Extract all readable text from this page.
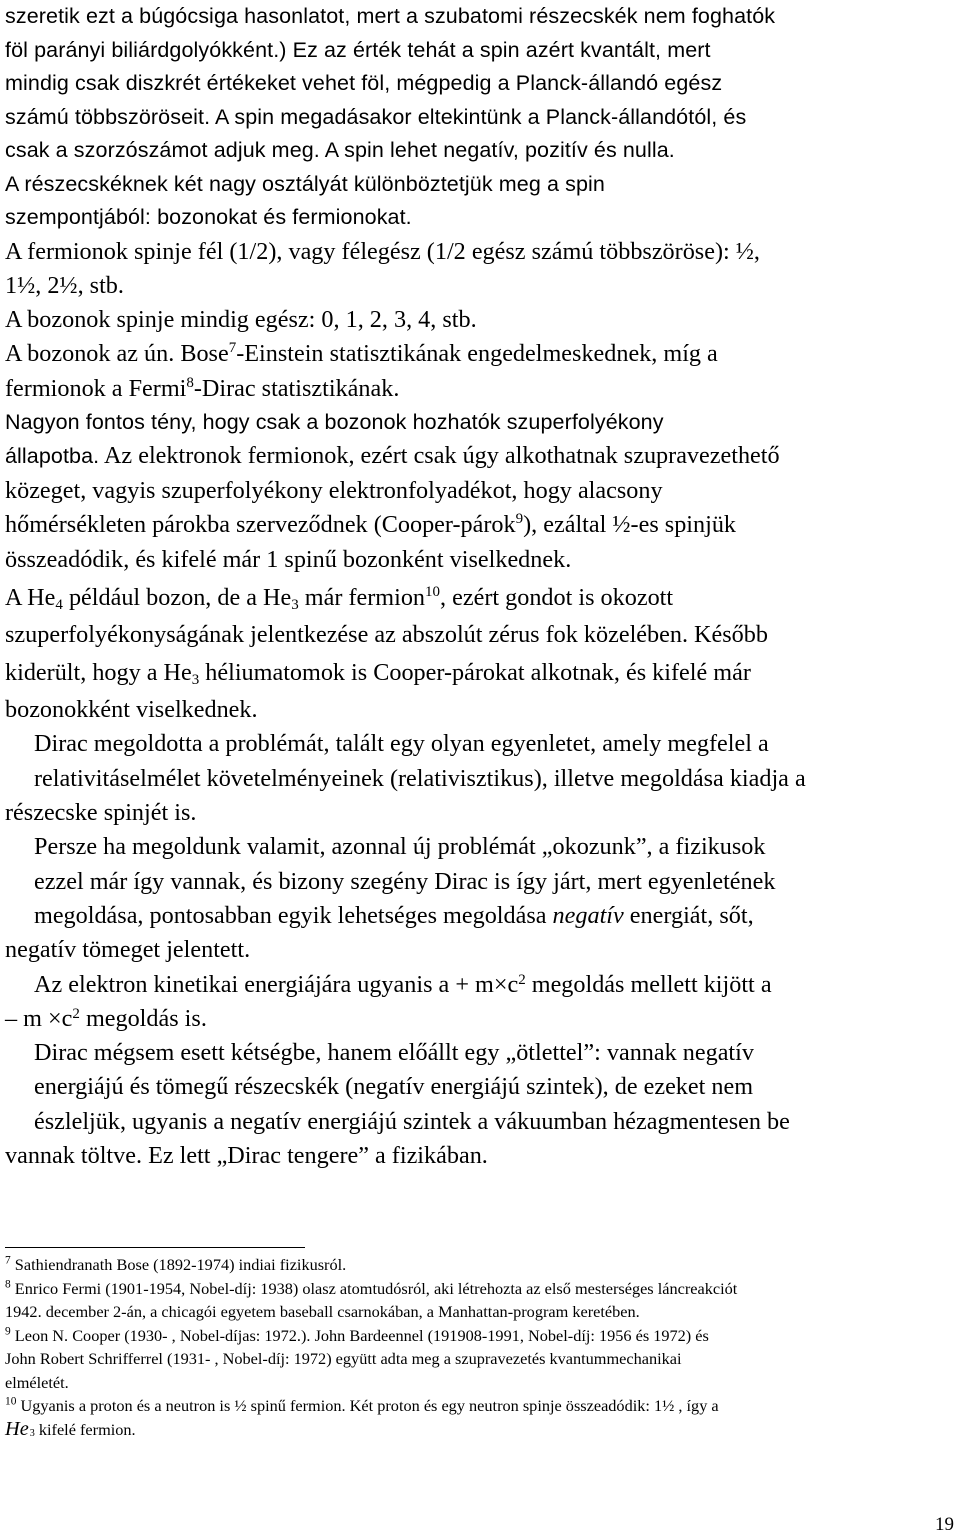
szeretik ezt a búgócsiga hasonlatot, mert a szubatomi részecskék nem foghatók
föl parányi biliárdgolyókként.) Ez az érték tehát a spin azért kvantált, mert
mindig csak diszkrét értékeket vehet föl, mégpedig a Planck-állandó egész
számú többszöröseit. A spin megadásakor eltekintünk a Planck-állandótól, és
csak a szorzószámot adjuk meg. A spin lehet negatív, pozitív és nulla.
A részecskéknek két nagy osztályát különböztetjük meg a spin
szempontjából: bozonokat és fermionokat.
A fermionok spinje fél (1/2), vagy félegész (1/2 egész számú többszöröse): ½,
1½, 2½, stb.
A bozonok spinje mindig egész: 0, 1, 2, 3, 4, stb.
A bozonok az ún. Bose$^7$-Einstein statisztikának engedelmeskednek, míg a
fermionok a Fermi$^8$-Dirac statisztikának.
Nagyon fontos tény, hogy csak a bozonok hozhatók szuperfolyékony
állapotba. Az elektronok fermionok, ezért csak úgy alkothatnak szupravezethető
közeget, vagyis szuperfolyékony elektronfolyadékot, hogy alacsony
hőmérsékleten párokba szerveződnek (Cooper-párok$^9$), ezáltal ½-es spinjük
összeadódik, és kifelé már 1 spinű bozonként viselkednek.
A $He_4$ például bozon, de a $He_3$ már fermion$^{10}$, ezért gondot is okozott
szuperfolyékonyságának jelentkezése az abszolút zérus fok közelében. Később
kiderült, hogy a $He_3$ héliumatomok is Cooper-párokat alkotnak, és kifelé már
bozonokként viselkednek.
Dirac megoldotta a problémát, talált egy olyan egyenletet, amely megfelel a
relativitáselmélet követelményeinek (relativisztikus), illetve megoldása kiadja a
részecske spinjét is.
Persze ha megoldunk valamit, azonnal új problémát „okozunk”, a fizikusok
ezzel már így vannak, és bizony szegény Dirac is így járt, mert egyenletének
megoldása, pontosabban egyik lehetséges megoldása negatív energiát, sőt,
negatív tömeget jelentett.
Az elektron kinetikai energiájára ugyanis $a + m\times c^2$ megoldás mellett kijött a
– $m \times c^2$ megoldás is.
Dirac mégsem esett kétségbe, hanem előállt egy „ötlettel”: vannak negatív
energiájú és tömegű részecskék (negatív energiájú szintek), de ezeket nem
észleljük, ugyanis a negatív energiájú szintek a vákuumban hézagmentesen be
vannak töltve. Ez lett „Dirac tengere” a fizikában.
$^7$ Sathiendranath Bose (1892-1974) indiai fizikusról.
$^8$ Enrico Fermi (1901-1954, Nobel-díj: 1938) olasz atomtudósról, aki létrehozta az első mesterséges láncreakciót
1942. december 2-án, a chicagói egyetem baseball csarnokában, a Manhattan-program keretében.
$^9$ Leon N. Cooper (1930- , Nobel-díjas: 1972.). John Bardeennel (191908-1991, Nobel-díj: 1956 és 1972) és
John Robert Schrifferrel (1931- , Nobel-díj: 1972) együtt adta meg a szupravezetés kvantummechanikai
elméletét.
$^{10}$ Ugyanis a proton és a neutron is ½ spinű fermion. Két proton és egy neutron spinje összeadódik: 1½ , így a
He3 kifelé fermion.
19
